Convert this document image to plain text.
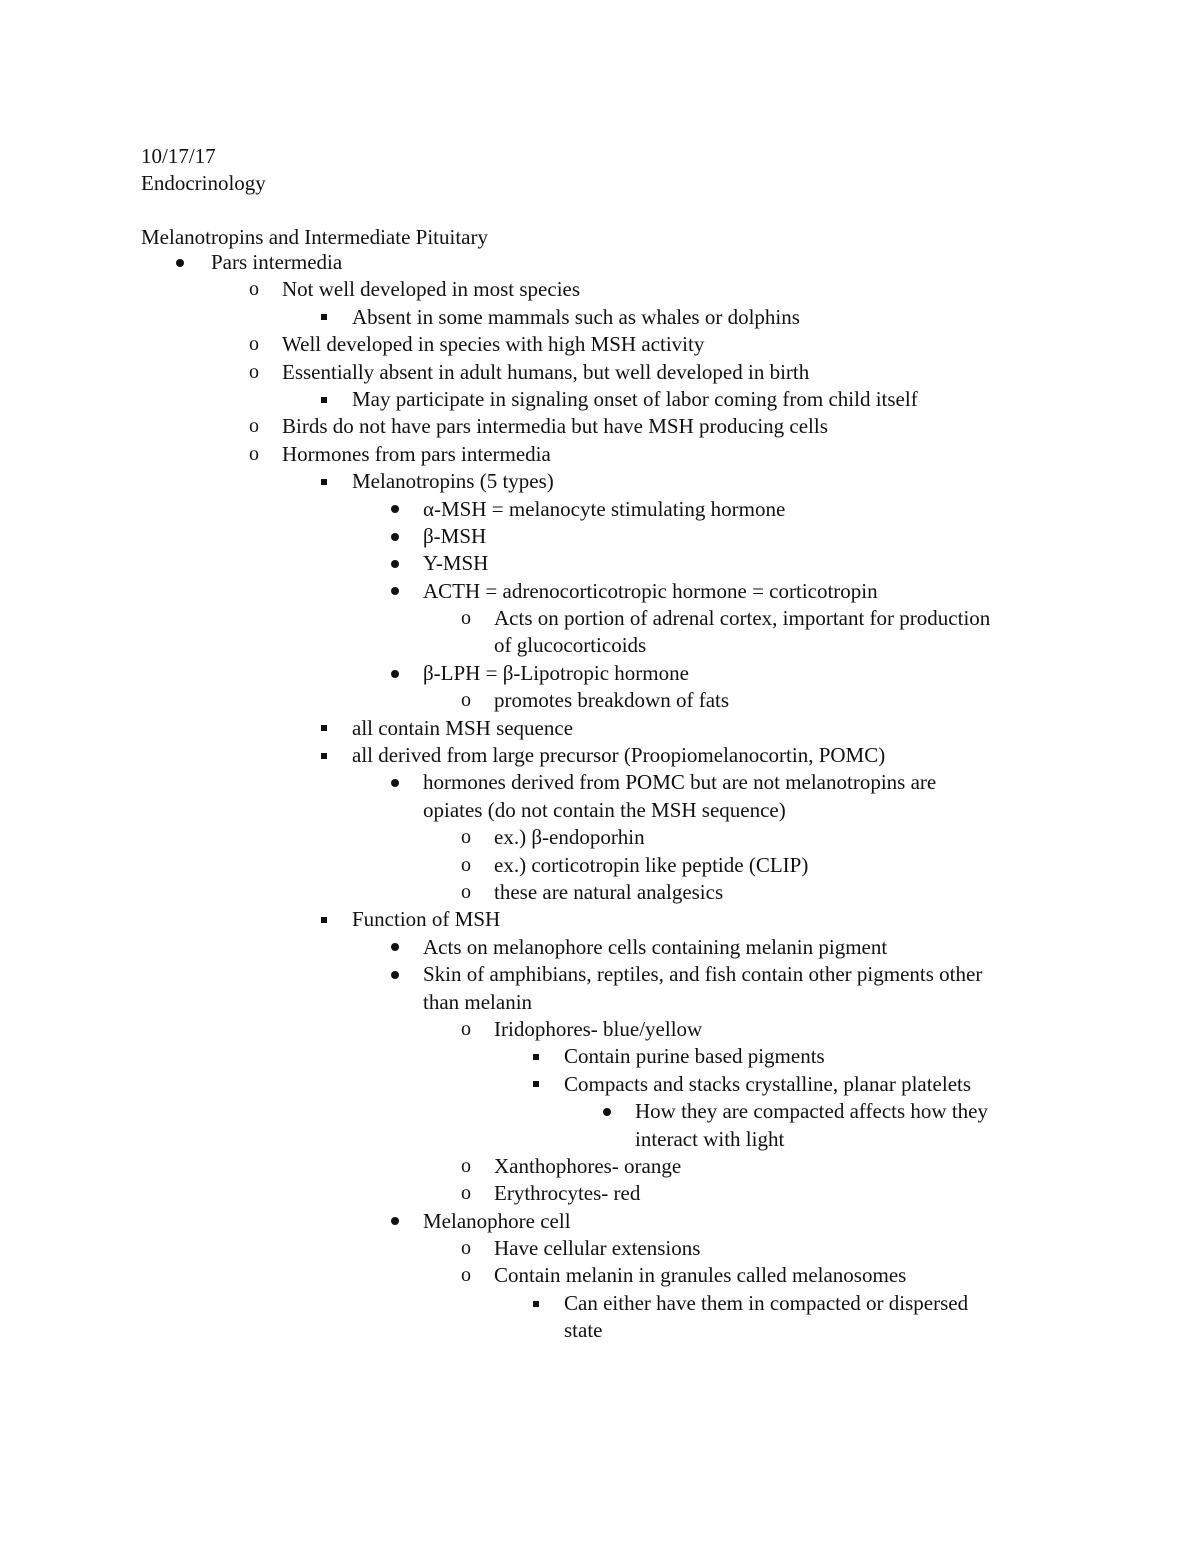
10/17/17
Endocrinology
Melanotropins and Intermediate Pituitary
Pars intermedia
o Not well developed in most species
Absent in some mammals such as whales or dolphins
o Well developed in species with high MSH activity
o Essentially absent in adult humans, but well developed in birth
May participate in signaling onset of labor coming from child itself
o Birds do not have pars intermedia but have MSH producing cells
o Hormones from pars intermedia
Melanotropins (5 types)
α-MSH = melanocyte stimulating hormone
β-MSH
Y-MSH
ACTH = adrenocorticotropic hormone = corticotropin
o Acts on portion of adrenal cortex, important for production
of glucocorticoids
β-LPH = β-Lipotropic hormone
o promotes breakdown of fats
all contain MSH sequence
all derived from large precursor (Proopiomelanocortin, POMC)
hormones derived from POMC but are not melanotropins are
opiates (do not contain the MSH sequence)
o ex.) β-endoporhin
o ex.) corticotropin like peptide (CLIP)
o these are natural analgesics
Function of MSH
Acts on melanophore cells containing melanin pigment
Skin of amphibians, reptiles, and fish contain other pigments other
than melanin
o Iridophores- blue/yellow
Contain purine based pigments
Compacts and stacks crystalline, planar platelets
How they are compacted affects how they
interact with light
o Xanthophores- orange
o Erythrocytes- red
Melanophore cell
o Have cellular extensions
o Contain melanin in granules called melanosomes
Can either have them in compacted or dispersed
state
